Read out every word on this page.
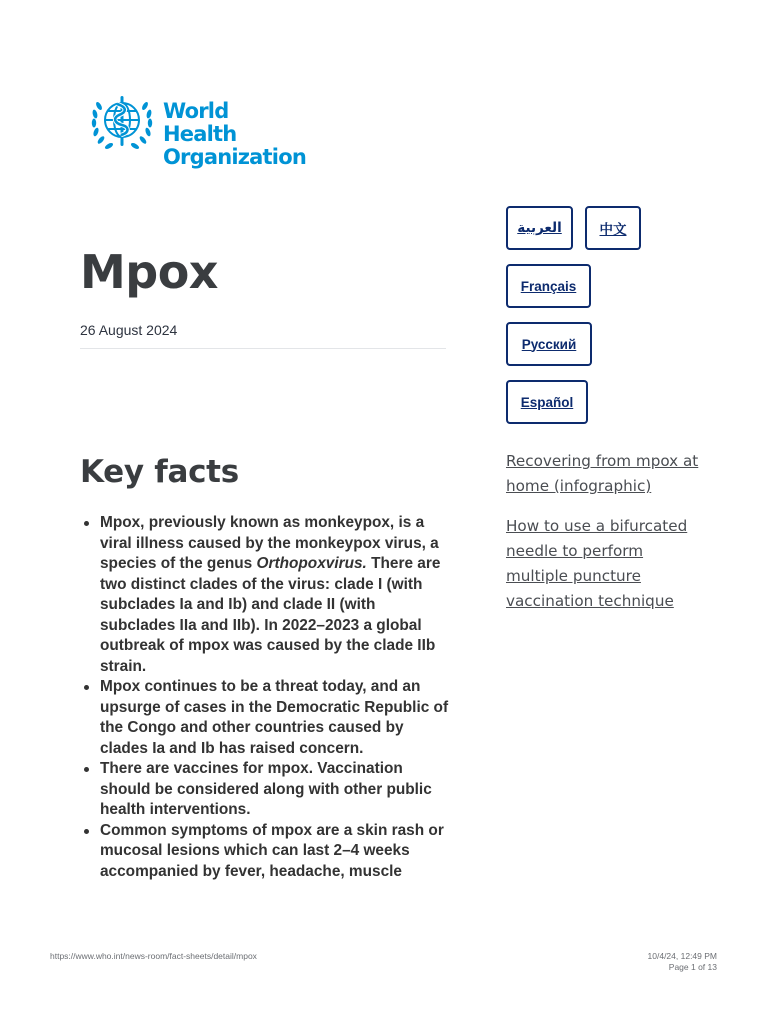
World Health
Organization
Mpox

26 August 2024

Key facts
Mpox, previously known as monkeypox, is a viral illness caused by the monkeypox virus, a species of the genus Orthopoxvirus. There are two distinct clades of the virus: clade I (with subclades Ia and Ib) and clade II (with subclades IIa and IIb). In 2022–2023 a global outbreak of mpox was caused by the clade IIb strain.
Mpox continues to be a threat today, and an upsurge of cases in the Democratic Republic of the Congo and other countries caused by clades Ia and Ib has raised concern.
There are vaccines for mpox. Vaccination should be considered along with other public health interventions.
Common symptoms of mpox are a skin rash or mucosal lesions which can last 2–4 weeks accompanied by fever, headache, muscle
العربية	中文
Français
Русский
Español
Recovering from mpox at home (infographic)
How to use a bifurcated needle to perform multiple puncture vaccination technique
https://www.who.int/news-room/fact-sheets/detail/mpox	10/4/24, 12:49 PM
Page 1 of 13
